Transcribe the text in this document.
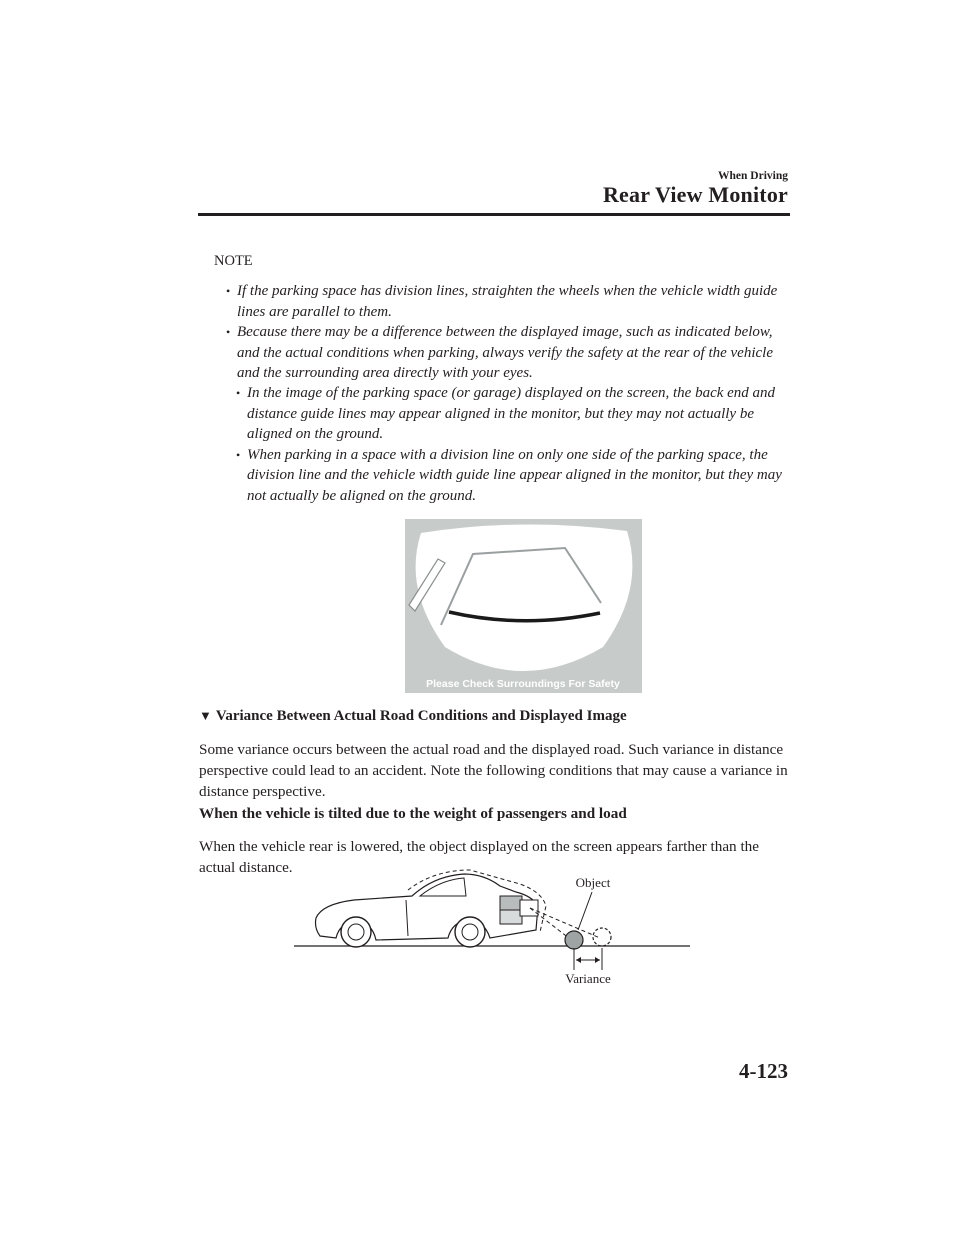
When Driving
Rear View Monitor
NOTE

• If the parking space has division lines, straighten the wheels when the vehicle width guide lines are parallel to them.

• Because there may be a difference between the displayed image, such as indicated below, and the actual conditions when parking, always verify the safety at the rear of the vehicle and the surrounding area directly with your eyes.

• In the image of the parking space (or garage) displayed on the screen, the back end and distance guide lines may appear aligned in the monitor, but they may not actually be aligned on the ground.

• When parking in a space with a division line on only one side of the parking space, the division line and the vehicle width guide line appear aligned in the monitor, but they may not actually be aligned on the ground.

Please Check Surroundings For Safety
▼ Variance Between Actual Road Conditions and Displayed Image

Some variance occurs between the actual road and the displayed road. Such variance in distance perspective could lead to an accident. Note the following conditions that may cause a variance in distance perspective.

When the vehicle is tilted due to the weight of passengers and load

When the vehicle rear is lowered, the object displayed on the screen appears farther than the actual distance.

Object
Variance
4-123
